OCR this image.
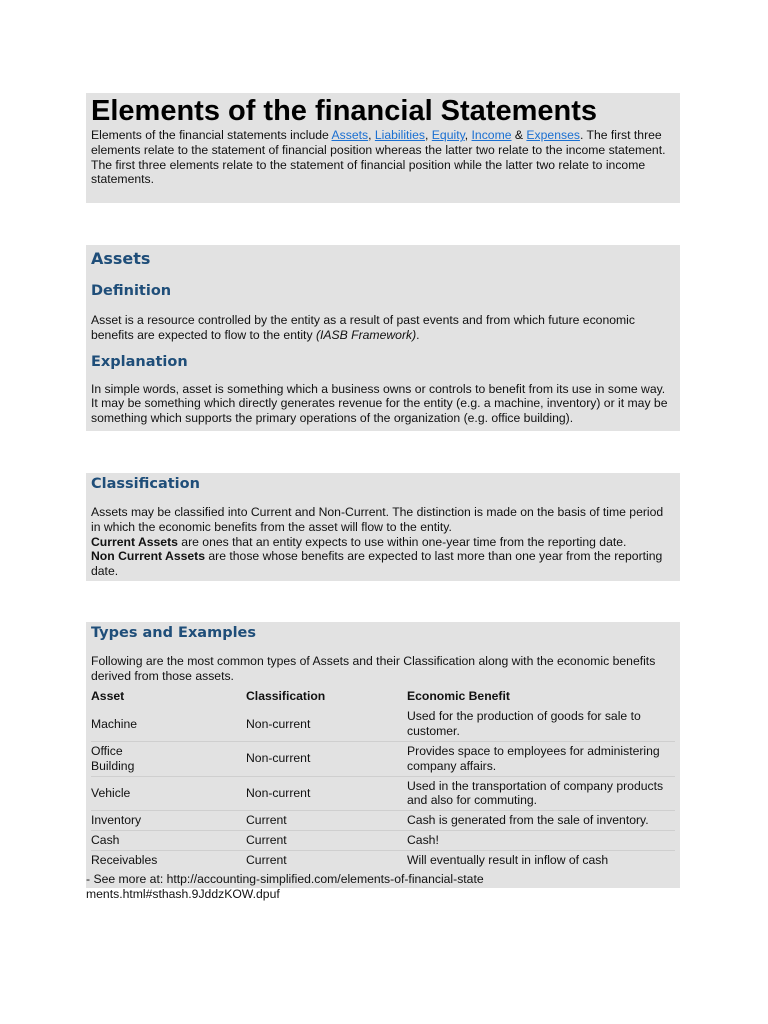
Elements of the financial Statements

Elements of the financial statements include Assets, Liabilities, Equity, Income & Expenses. The first three elements relate to the statement of financial position whereas the latter two relate to the income statement.

The first three elements relate to the statement of financial position while the latter two relate to income statements.

Assets
Definition

Asset is a resource controlled by the entity as a result of past events and from which future economic benefits are expected to flow to the entity (IASB Framework).

Explanation

In simple words, asset is something which a business owns or controls to benefit from its use in some way. It may be something which directly generates revenue for the entity (e.g. a machine, inventory) or it may be something which supports the primary operations of the organization (e.g. office building).

Classification

Assets may be classified into Current and Non-Current. The distinction is made on the basis of time period in which the economic benefits from the asset will flow to the entity.

Current Assets are ones that an entity expects to use within one-year time from the reporting date.

Non Current Assets are those whose benefits are expected to last more than one year from the reporting date.

Types and Examples

Following are the most common types of Assets and their Classification along with the economic benefits derived from those assets.

Asset	Classification	Economic Benefit
Machine	Non-current	Used for the production of goods for sale to customer.
Office Building	Non-current	Provides space to employees for administering company affairs.
Vehicle	Non-current	Used in the transportation of company products and also for commuting.
Inventory	Current	Cash is generated from the sale of inventory.
Cash	Current	Cash!
Receivables	Current	Will eventually result in inflow of cash
- See more at: http://accounting-simplified.com/elements-of-financial-statements.html#sthash.9JddzKOW.dpuf
